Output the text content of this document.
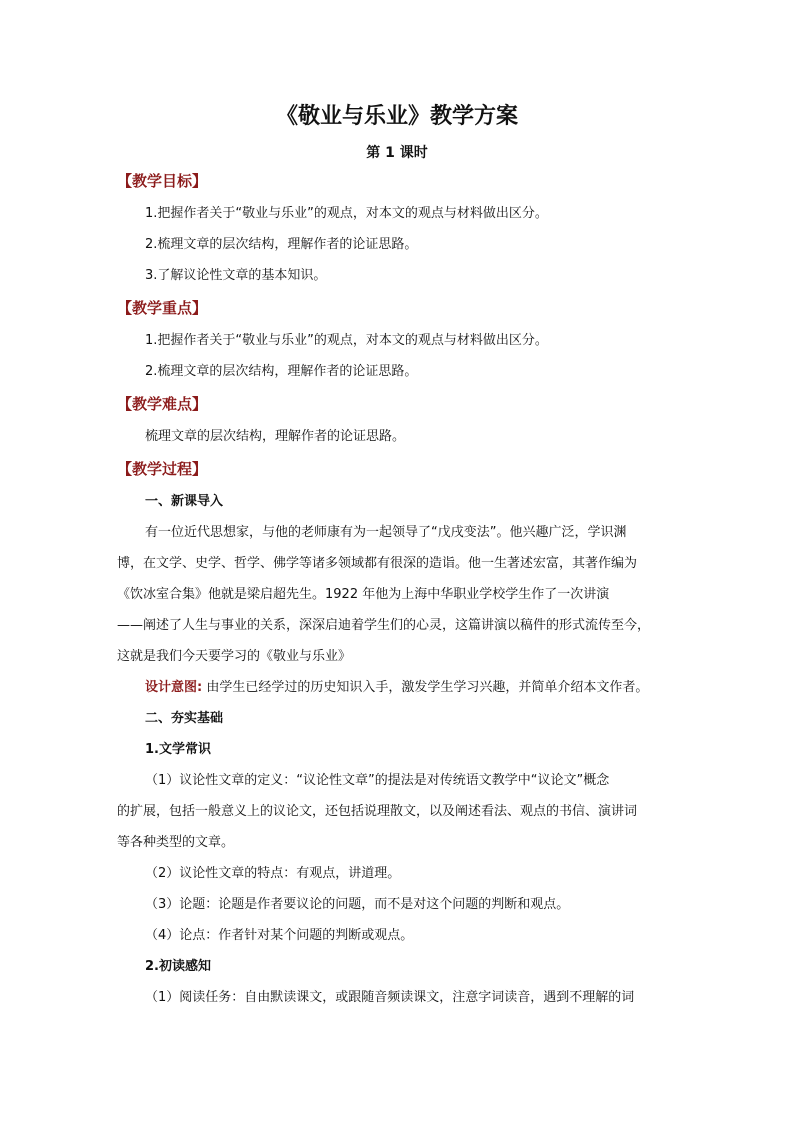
《敬业与乐业》教学方案
第 1 课时
【教学目标】
1.把握作者关于“敬业与乐业”的观点，对本文的观点与材料做出区分。
2.梳理文章的层次结构，理解作者的论证思路。
3.了解议论性文章的基本知识。
【教学重点】
1.把握作者关于“敬业与乐业”的观点，对本文的观点与材料做出区分。
2.梳理文章的层次结构，理解作者的论证思路。
【教学难点】
梳理文章的层次结构，理解作者的论证思路。
【教学过程】
一、新课导入
有一位近代思想家，与他的老师康有为一起领导了“戊戌变法”。他兴趣广泛，学识渊
博，在文学、史学、哲学、佛学等诸多领域都有很深的造诣。他一生著述宏富，其著作编为
《饮冰室合集》他就是梁启超先生。1922 年他为上海中华职业学校学生作了一次讲演
——阐述了人生与事业的关系，深深启迪着学生们的心灵，这篇讲演以稿件的形式流传至今，
这就是我们今天要学习的《敬业与乐业》
设计意图: 由学生已经学过的历史知识入手，激发学生学习兴趣，并简单介绍本文作者。
二、夯实基础
1.文学常识
（1）议论性文章的定义：“议论性文章”的提法是对传统语文教学中“议论文”概念
的扩展，包括一般意义上的议论文，还包括说理散文，以及阐述看法、观点的书信、演讲词
等各种类型的文章。
（2）议论性文章的特点：有观点，讲道理。
（3）论题：论题是作者要议论的问题，而不是对这个问题的判断和观点。
（4）论点：作者针对某个问题的判断或观点。
2.初读感知
（1）阅读任务：自由默读课文，或跟随音频读课文，注意字词读音，遇到不理解的词
